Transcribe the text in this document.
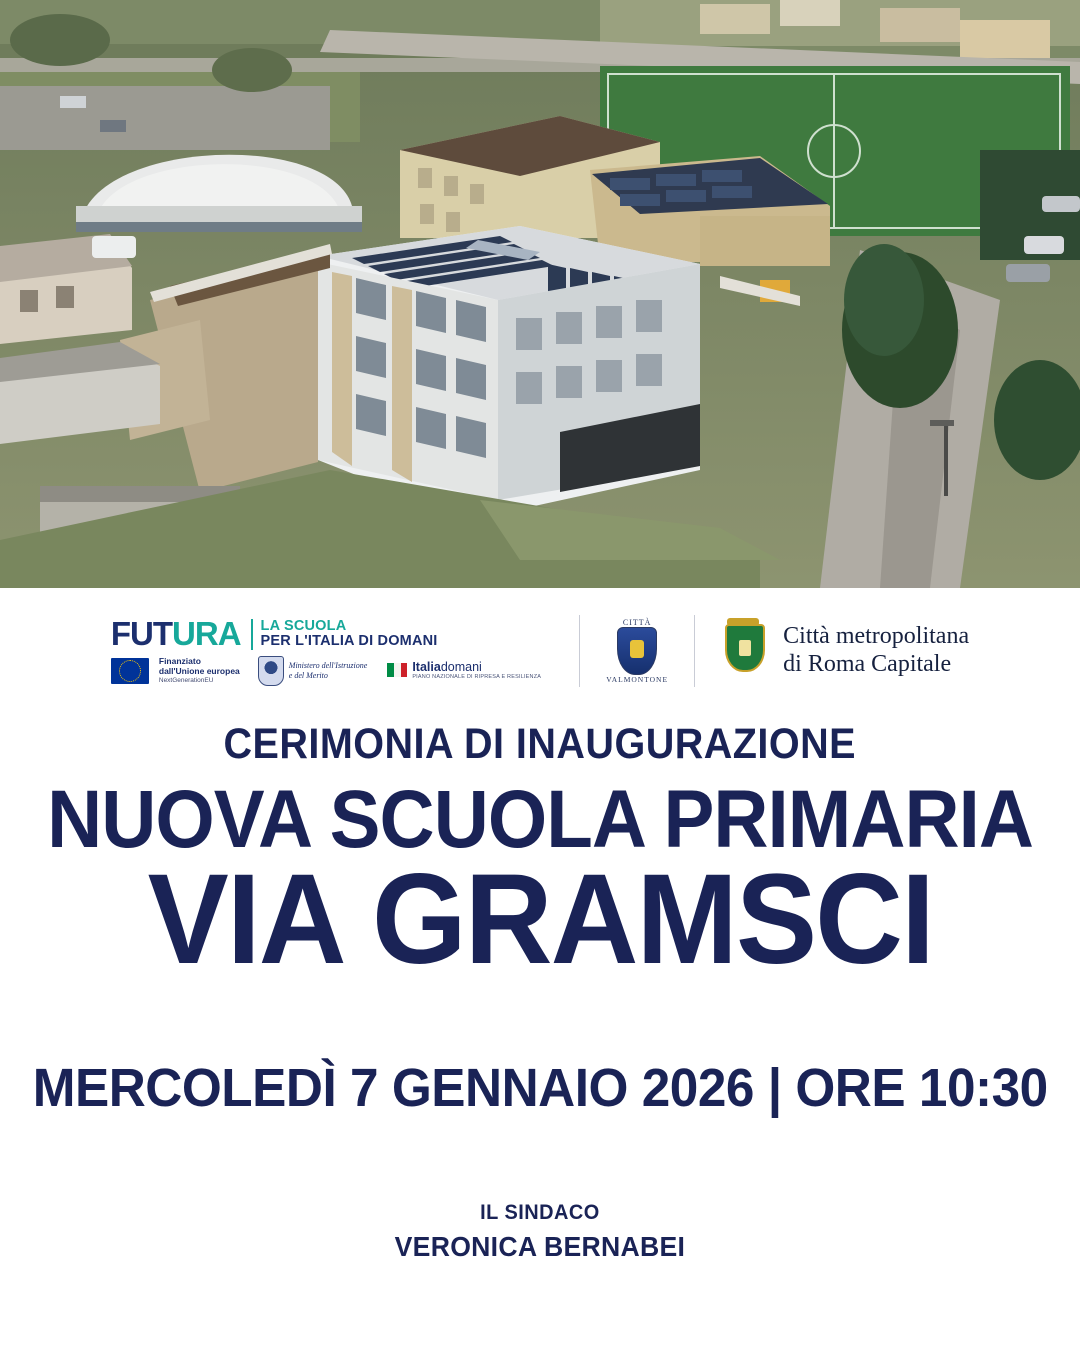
FUTURA LA SCUOLA
PER L'ITALIA DI DOMANI
Finanziato
dall'Unione europea
NextGenerationEU
Ministero dell'Istruzione
e del Merito
Italiadomani
PIANO NAZIONALE DI RIPRESA E RESILIENZA
CITTÀ
VALMONTONE
Città metropolitana
di Roma Capitale
CERIMONIA DI INAUGURAZIONE
NUOVA SCUOLA PRIMARIA
VIA GRAMSCI
MERCOLEDÌ 7 GENNAIO 2026 | ORE 10:30
IL SINDACO
VERONICA BERNABEI
